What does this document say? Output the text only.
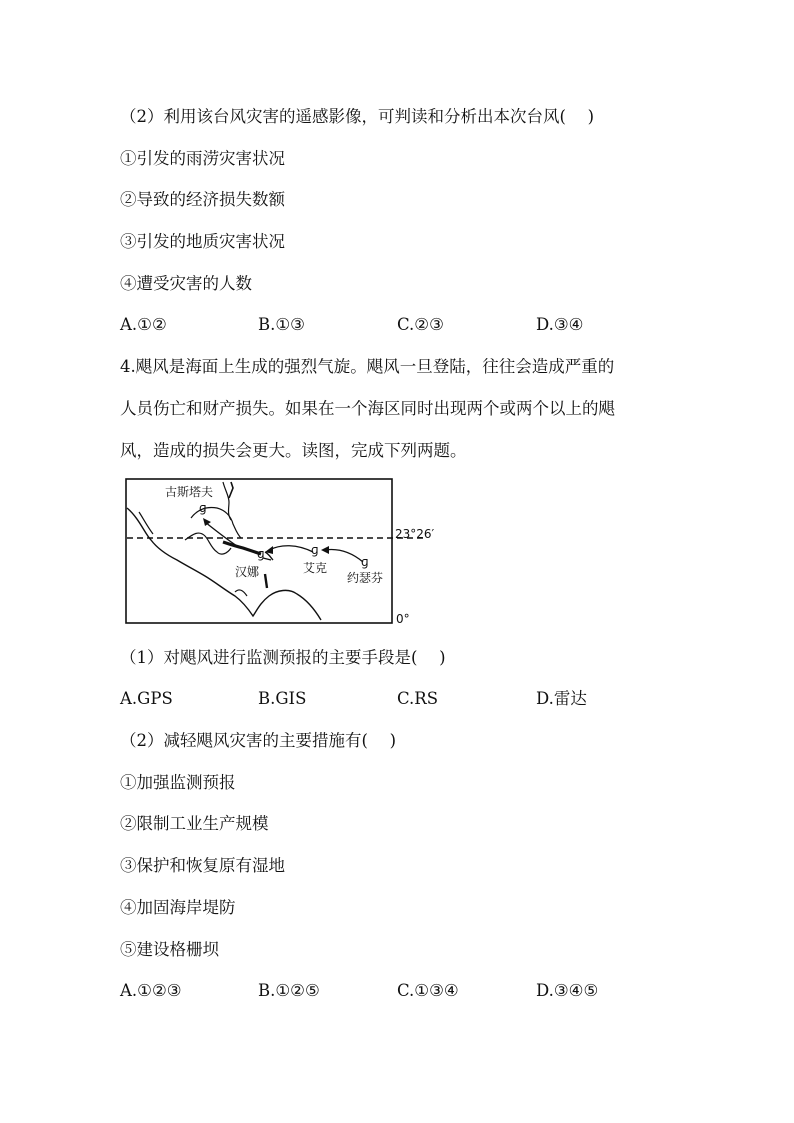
（2）利用该台风灾害的遥感影像，可判读和分析出本次台风(　 )
①引发的雨涝灾害状况
②导致的经济损失数额
③引发的地质灾害状况
④遭受灾害的人数
A.①②	B.①③	C.②③	D.③④
4.飓风是海面上生成的强烈气旋。飓风一旦登陆，往往会造成严重的
人员伤亡和财产损失。如果在一个海区同时出现两个或两个以上的飓
风，造成的损失会更大。读图，完成下列两题。
ɡ
ɡ	ɡ
ɡ
古斯塔夫
汉娜	艾克
约瑟芬
23°26′
0°
（1）对飓风进行监测预报的主要手段是(　 )
A.GPS	B.GIS	C.RS	D.雷达
（2）减轻飓风灾害的主要措施有(　 )
①加强监测预报
②限制工业生产规模
③保护和恢复原有湿地
④加固海岸堤防
⑤建设格栅坝
A.①②③	B.①②⑤	C.①③④	D.③④⑤
